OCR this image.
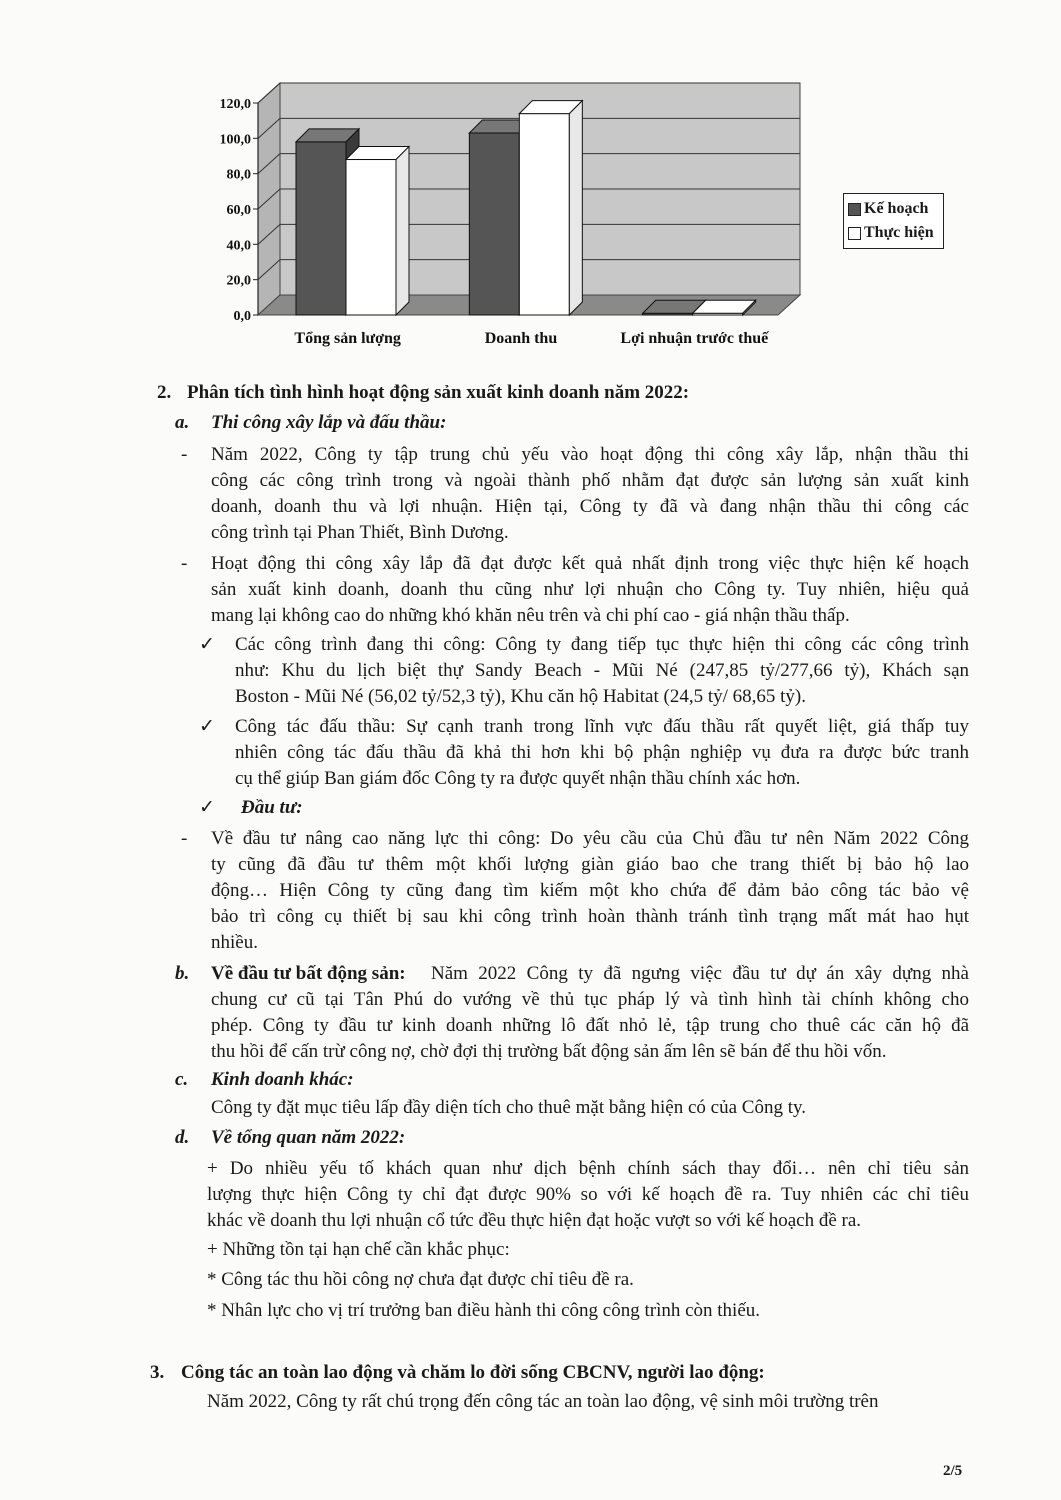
0,0
20,0
40,0
60,0
80,0
100,0
120,0
Tổng sản lượng	Doanh thu	Lợi nhuận trước thuế
Kế hoạch
Thực hiện
2. Phân tích tình hình hoạt động sản xuất kinh doanh năm 2022:
a. Thi công xây lắp và đấu thầu:
- Năm 2022, Công ty tập trung chủ yếu vào hoạt động thi công xây lắp, nhận thầu thi
công các công trình trong và ngoài thành phố nhằm đạt được sản lượng sản xuất kinh
doanh, doanh thu và lợi nhuận. Hiện tại, Công ty đã và đang nhận thầu thi công các
công trình tại Phan Thiết, Bình Dương.
- Hoạt động thi công xây lắp đã đạt được kết quả nhất định trong việc thực hiện kế hoạch
sản xuất kinh doanh, doanh thu cũng như lợi nhuận cho Công ty. Tuy nhiên, hiệu quả
mang lại không cao do những khó khăn nêu trên và chi phí cao - giá nhận thầu thấp.
✓ Các công trình đang thi công: Công ty đang tiếp tục thực hiện thi công các công trình
như: Khu du lịch biệt thự Sandy Beach - Mũi Né (247,85 tỷ/277,66 tỷ), Khách sạn
Boston - Mũi Né (56,02 tỷ/52,3 tỷ), Khu căn hộ Habitat (24,5 tỷ/ 68,65 tỷ).
✓ Công tác đấu thầu: Sự cạnh tranh trong lĩnh vực đấu thầu rất quyết liệt, giá thấp tuy
nhiên công tác đấu thầu đã khả thi hơn khi bộ phận nghiệp vụ đưa ra được bức tranh
cụ thể giúp Ban giám đốc Công ty ra được quyết nhận thầu chính xác hơn.
✓ Đầu tư:
- Về đầu tư nâng cao năng lực thi công: Do yêu cầu của Chủ đầu tư nên Năm 2022 Công
ty cũng đã đầu tư thêm một khối lượng giàn giáo bao che trang thiết bị bảo hộ lao
động… Hiện Công ty cũng đang tìm kiếm một kho chứa để đảm bảo công tác bảo vệ
bảo trì công cụ thiết bị sau khi công trình hoàn thành tránh tình trạng mất mát hao hụt
nhiều.
b. Về đầu tư bất động sản: Năm 2022 Công ty đã ngưng việc đầu tư dự án xây dựng nhà
chung cư cũ tại Tân Phú do vướng về thủ tục pháp lý và tình hình tài chính không cho
phép. Công ty đầu tư kinh doanh những lô đất nhỏ lẻ, tập trung cho thuê các căn hộ đã
thu hồi để cấn trừ công nợ, chờ đợi thị trường bất động sản ấm lên sẽ bán để thu hồi vốn.
c. Kinh doanh khác:
Công ty đặt mục tiêu lấp đầy diện tích cho thuê mặt bằng hiện có của Công ty.
d. Về tổng quan năm 2022:
+ Do nhiều yếu tố khách quan như dịch bệnh chính sách thay đổi… nên chỉ tiêu sản
lượng thực hiện Công ty chỉ đạt được 90% so với kế hoạch đề ra. Tuy nhiên các chỉ tiêu
khác về doanh thu lợi nhuận cổ tức đều thực hiện đạt hoặc vượt so với kế hoạch đề ra.
+ Những tồn tại hạn chế cần khắc phục:
* Công tác thu hồi công nợ chưa đạt được chỉ tiêu đề ra.
* Nhân lực cho vị trí trưởng ban điều hành thi công công trình còn thiếu.
3. Công tác an toàn lao động và chăm lo đời sống CBCNV, người lao động:
Năm 2022, Công ty rất chú trọng đến công tác an toàn lao động, vệ sinh môi trường trên
2/5
